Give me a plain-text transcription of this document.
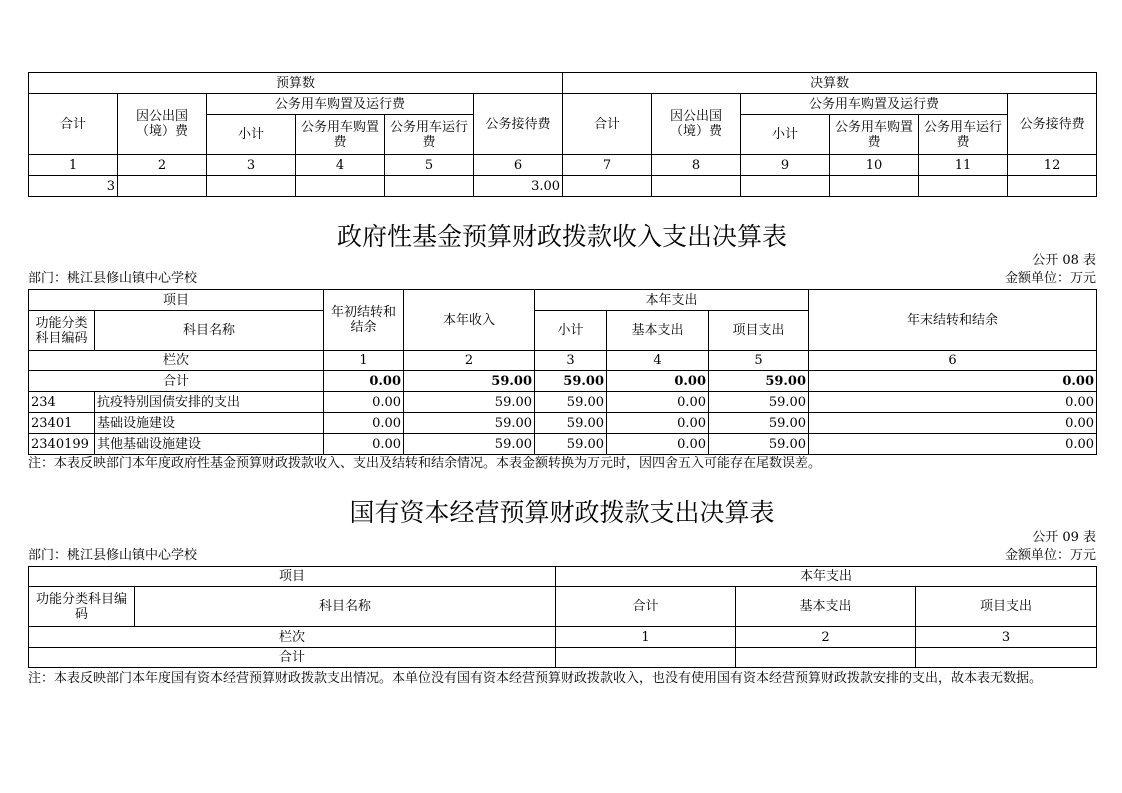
预算数						决算数					
合计	因公出国（境）费	公务用车购置及运行费			公务接待费	合计	因公出国（境）费	公务用车购置及运行费			公务接待费
		小计	公务用车购置费	公务用车运行费				小计	公务用车购置费	公务用车运行费	
1	2	3	4	5	6	7	8	9	10	11	12
3					3.00						
政府性基金预算财政拨款收入支出决算表
公开 08 表
部门：桃江县修山镇中心学校	金额单位：万元
项目		年初结转和结余	本年收入	本年支出			年末结转和结余
功能分类科目编码	科目名称			小计	基本支出	项目支出	
栏次		1	2	3	4	5	6
合计		0.00	59.00	59.00	0.00	59.00	0.00
234	抗疫特别国债安排的支出	0.00	59.00	59.00	0.00	59.00	0.00
23401	基础设施建设	0.00	59.00	59.00	0.00	59.00	0.00
2340199	其他基础设施建设	0.00	59.00	59.00	0.00	59.00	0.00
注：本表反映部门本年度政府性基金预算财政拨款收入、支出及结转和结余情况。本表金额转换为万元时，因四舍五入可能存在尾数误差。
国有资本经营预算财政拨款支出决算表
公开 09 表
部门：桃江县修山镇中心学校	金额单位：万元
项目		本年支出		
功能分类科目编码	科目名称	合计	基本支出	项目支出
栏次		1	2	3
合计				
注：本表反映部门本年度国有资本经营预算财政拨款支出情况。本单位没有国有资本经营预算财政拨款收入，也没有使用国有资本经营预算财政拨款安排的支出，故本表无数据。
